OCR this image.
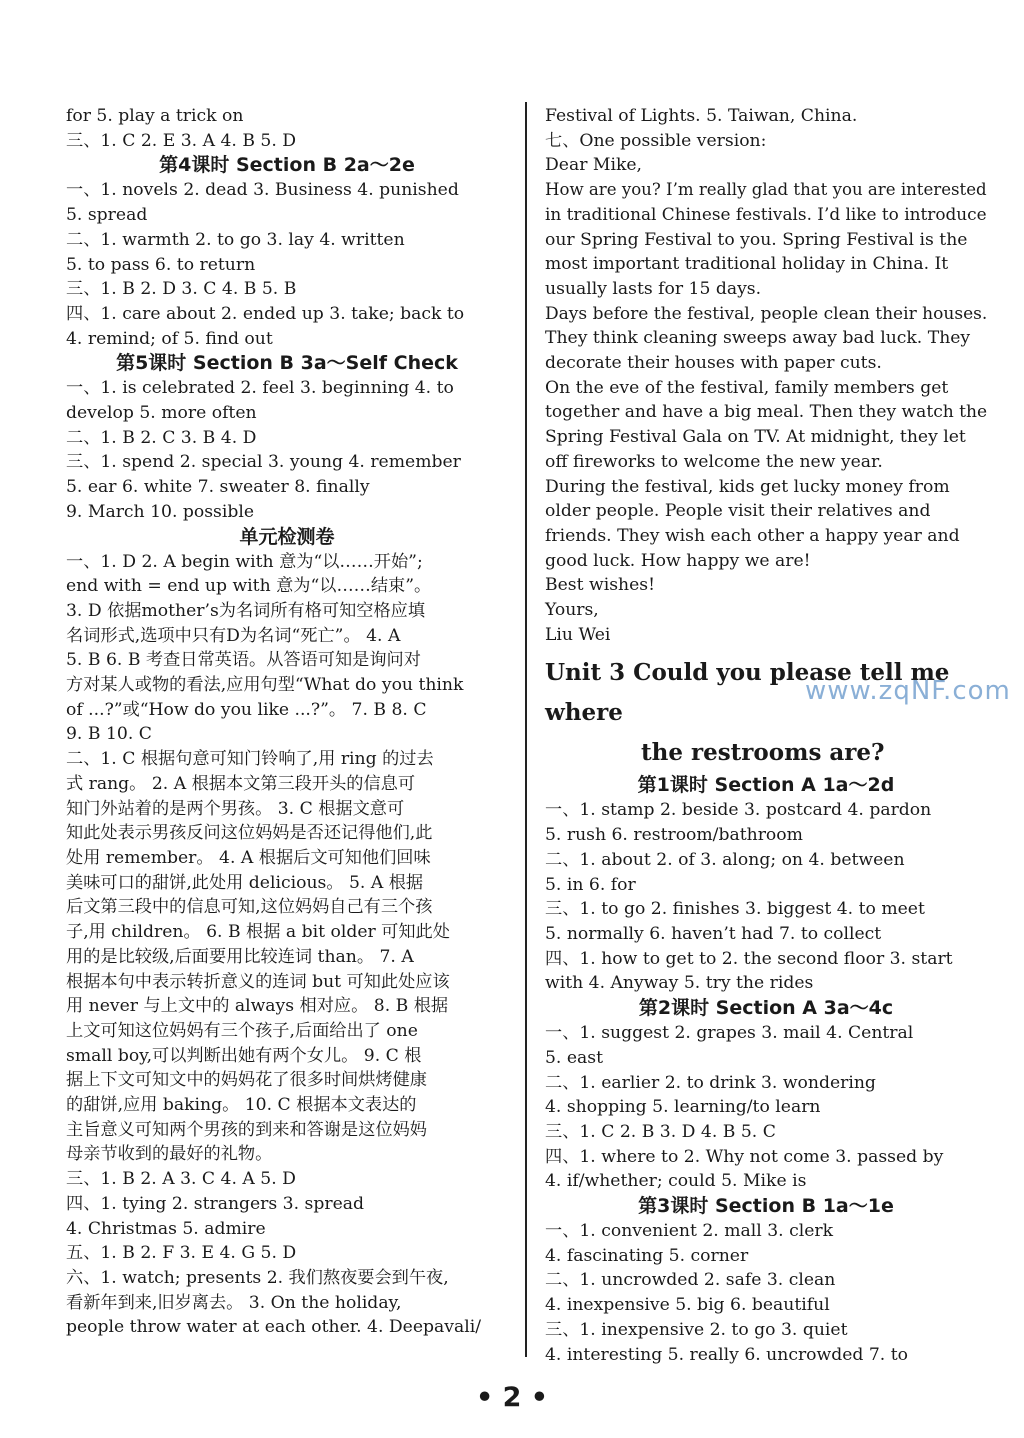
for 5. play a trick on
三、1. C 2. E 3. A 4. B 5. D
第4课时 Section B 2a～2e
一、1. novels 2. dead 3. Business 4. punished
5. spread
二、1. warmth 2. to go 3. lay 4. written
5. to pass 6. to return
三、1. B 2. D 3. C 4. B 5. B
四、1. care about 2. ended up 3. take; back to
4. remind; of 5. find out
第5课时 Section B 3a～Self Check
一、1. is celebrated 2. feel 3. beginning 4. to
develop 5. more often
二、1. B 2. C 3. B 4. D
三、1. spend 2. special 3. young 4. remember
5. ear 6. white 7. sweater 8. finally
9. March 10. possible
单元检测卷
一、1. D 2. A begin with 意为“以……开始”;
end with = end up with 意为“以……结束”。
3. D 依据mother’s为名词所有格可知空格应填
名词形式,选项中只有D为名词“死亡”。 4. A
5. B 6. B 考查日常英语。从答语可知是询问对
方对某人或物的看法,应用句型“What do you think
of ...?”或“How do you like ...?”。 7. B 8. C
9. B 10. C
二、1. C 根据句意可知门铃响了,用 ring 的过去
式 rang。 2. A 根据本文第三段开头的信息可
知门外站着的是两个男孩。 3. C 根据文意可
知此处表示男孩反问这位妈妈是否还记得他们,此
处用 remember。 4. A 根据后文可知他们回味
美味可口的甜饼,此处用 delicious。 5. A 根据
后文第三段中的信息可知,这位妈妈自己有三个孩
子,用 children。 6. B 根据 a bit older 可知此处
用的是比较级,后面要用比较连词 than。 7. A
根据本句中表示转折意义的连词 but 可知此处应该
用 never 与上文中的 always 相对应。 8. B 根据
上文可知这位妈妈有三个孩子,后面给出了 one
small boy,可以判断出她有两个女儿。 9. C 根
据上下文可知文中的妈妈花了很多时间烘烤健康
的甜饼,应用 baking。 10. C 根据本文表达的
主旨意义可知两个男孩的到来和答谢是这位妈妈
母亲节收到的最好的礼物。
三、1. B 2. A 3. C 4. A 5. D
四、1. tying 2. strangers 3. spread
4. Christmas 5. admire
五、1. B 2. F 3. E 4. G 5. D
六、1. watch; presents 2. 我们熬夜要会到午夜,
看新年到来,旧岁离去。 3. On the holiday,
people throw water at each other. 4. Deepavali/
Festival of Lights. 5. Taiwan, China.
七、One possible version:
Dear Mike,
How are you? I’m really glad that you are interested
in traditional Chinese festivals. I’d like to introduce
our Spring Festival to you. Spring Festival is the
most important traditional holiday in China. It
usually lasts for 15 days.
Days before the festival, people clean their houses.
They think cleaning sweeps away bad luck. They
decorate their houses with paper cuts.
On the eve of the festival, family members get
together and have a big meal. Then they watch the
Spring Festival Gala on TV. At midnight, they let
off fireworks to welcome the new year.
During the festival, kids get lucky money from
older people. People visit their relatives and
friends. They wish each other a happy year and
good luck. How happy we are!
Best wishes!
Yours,
Liu Wei
Unit 3 Could you please tell me where
the restrooms are?
第1课时 Section A 1a～2d
一、1. stamp 2. beside 3. postcard 4. pardon
5. rush 6. restroom/bathroom
二、1. about 2. of 3. along; on 4. between
5. in 6. for
三、1. to go 2. finishes 3. biggest 4. to meet
5. normally 6. haven’t had 7. to collect
四、1. how to get to 2. the second floor 3. start
with 4. Anyway 5. try the rides
第2课时 Section A 3a～4c
一、1. suggest 2. grapes 3. mail 4. Central
5. east
二、1. earlier 2. to drink 3. wondering
4. shopping 5. learning/to learn
三、1. C 2. B 3. D 4. B 5. C
四、1. where to 2. Why not come 3. passed by
4. if/whether; could 5. Mike is
第3课时 Section B 1a～1e
一、1. convenient 2. mall 3. clerk
4. fascinating 5. corner
二、1. uncrowded 2. safe 3. clean
4. inexpensive 5. big 6. beautiful
三、1. inexpensive 2. to go 3. quiet
4. interesting 5. really 6. uncrowded 7. to
www.zqNF.com
• 2 •
